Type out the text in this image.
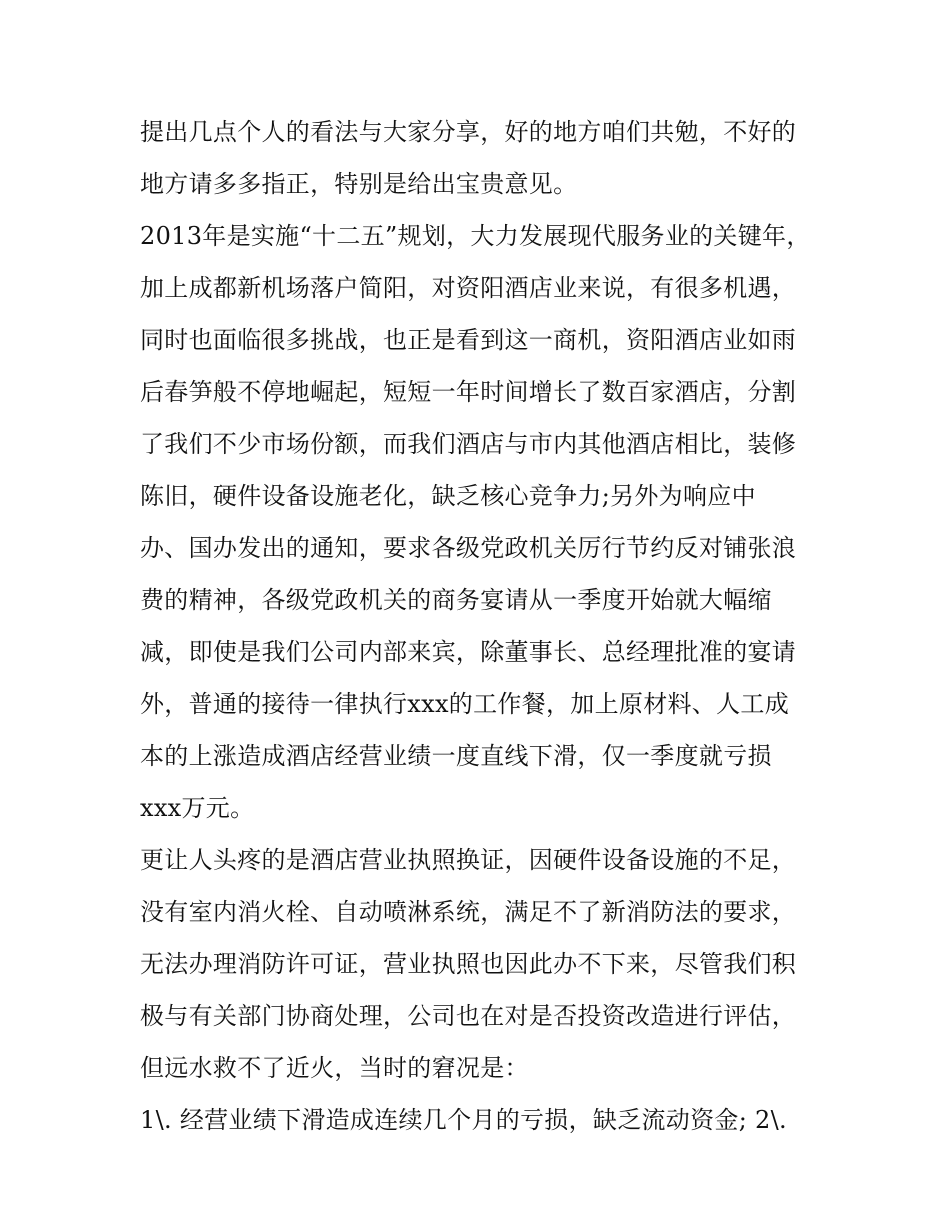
提出几点个人的看法与大家分享，好的地方咱们共勉，不好的
地方请多多指正，特别是给出宝贵意见。
2013年是实施“十二五”规划，大力发展现代服务业的关键年，
加上成都新机场落户简阳，对资阳酒店业来说，有很多机遇，
同时也面临很多挑战，也正是看到这一商机，资阳酒店业如雨
后春笋般不停地崛起，短短一年时间增长了数百家酒店，分割
了我们不少市场份额，而我们酒店与市内其他酒店相比，装修
陈旧，硬件设备设施老化，缺乏核心竞争力;另外为响应中
办、国办发出的通知，要求各级党政机关厉行节约反对铺张浪
费的精神，各级党政机关的商务宴请从一季度开始就大幅缩
减，即使是我们公司内部来宾，除董事长、总经理批准的宴请
外，普通的接待一律执行xxx的工作餐，加上原材料、人工成
本的上涨造成酒店经营业绩一度直线下滑，仅一季度就亏损
xxx万元。
更让人头疼的是酒店营业执照换证，因硬件设备设施的不足，
没有室内消火栓、自动喷淋系统，满足不了新消防法的要求，
无法办理消防许可证，营业执照也因此办不下来，尽管我们积
极与有关部门协商处理，公司也在对是否投资改造进行评估，
但远水救不了近火，当时的窘况是：
1\. 经营业绩下滑造成连续几个月的亏损，缺乏流动资金; 2\.
